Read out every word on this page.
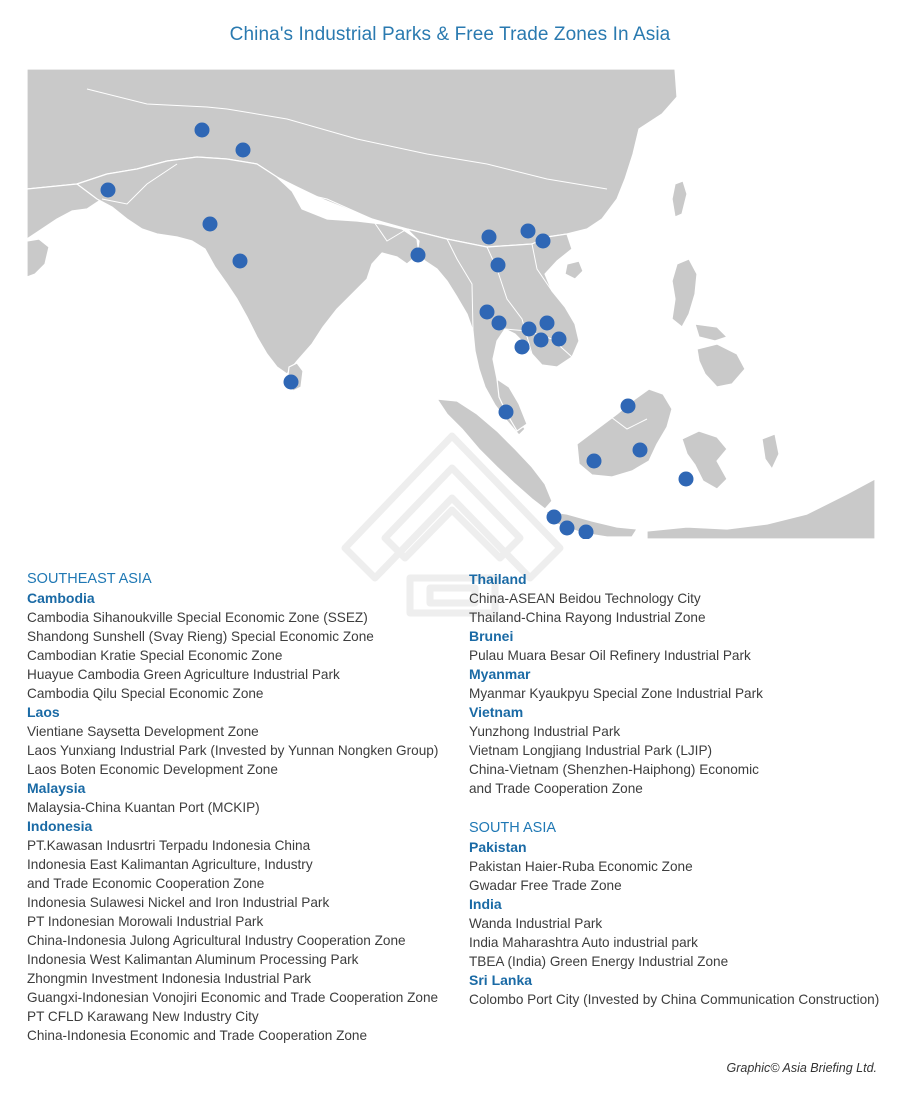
China's Industrial Parks & Free Trade Zones In Asia
SOUTHEAST ASIA
Cambodia
Cambodia Sihanoukville Special Economic Zone (SSEZ)
Shandong Sunshell (Svay Rieng) Special Economic Zone
Cambodian Kratie Special Economic Zone
Huayue Cambodia Green Agriculture Industrial Park
Cambodia Qilu Special Economic Zone
Laos
Vientiane Saysetta Development Zone
Laos Yunxiang Industrial Park (Invested by Yunnan Nongken Group)
Laos Boten Economic Development Zone
Malaysia
Malaysia-China Kuantan Port (MCKIP)
Indonesia
PT.Kawasan Indusrtri Terpadu Indonesia China
Indonesia East Kalimantan Agriculture, Industry
and Trade Economic Cooperation Zone
Indonesia Sulawesi Nickel and Iron Industrial Park
PT Indonesian Morowali Industrial Park
China-Indonesia Julong Agricultural Industry Cooperation Zone
Indonesia West Kalimantan Aluminum Processing Park
Zhongmin Investment Indonesia Industrial Park
Guangxi-Indonesian Vonojiri Economic and Trade Cooperation Zone
PT CFLD Karawang New Industry City
China-Indonesia Economic and Trade Cooperation Zone
Thailand
China-ASEAN Beidou Technology City
Thailand-China Rayong Industrial Zone
Brunei
Pulau Muara Besar Oil Refinery Industrial Park
Myanmar
Myanmar Kyaukpyu Special Zone Industrial Park
Vietnam
Yunzhong Industrial Park
Vietnam Longjiang Industrial Park (LJIP)
China-Vietnam (Shenzhen-Haiphong) Economic
and Trade Cooperation Zone
SOUTH ASIA
Pakistan
Pakistan Haier-Ruba Economic Zone
Gwadar Free Trade Zone
India
Wanda Industrial Park
India Maharashtra Auto industrial park
TBEA (India) Green Energy Industrial Zone
Sri Lanka
Colombo Port City (Invested by China Communication Construction)
Graphic© Asia Briefing Ltd.
